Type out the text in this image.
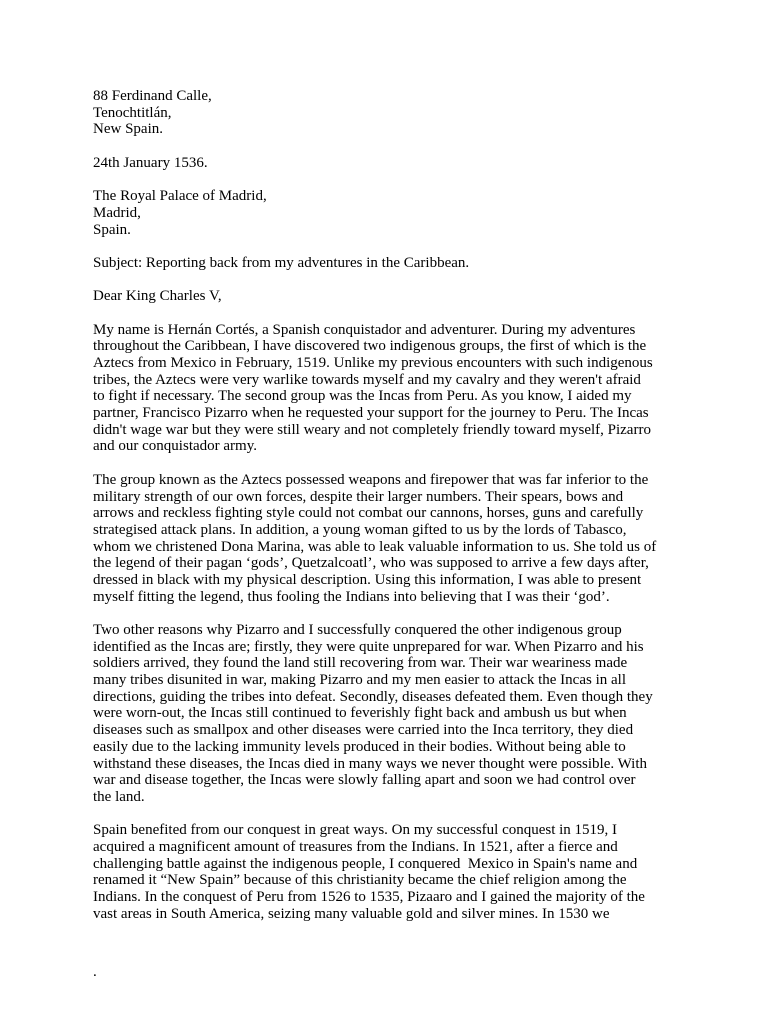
88 Ferdinand Calle,
Tenochtitlán,
New Spain.
24th January 1536.
The Royal Palace of Madrid,
Madrid,
Spain.
Subject: Reporting back from my adventures in the Caribbean.
Dear King Charles V,
My name is Hernán Cortés, a Spanish conquistador and adventurer. During my adventures
throughout the Caribbean, I have discovered two indigenous groups, the first of which is the
Aztecs from Mexico in February, 1519. Unlike my previous encounters with such indigenous
tribes, the Aztecs were very warlike towards myself and my cavalry and they weren't afraid
to fight if necessary. The second group was the Incas from Peru. As you know, I aided my
partner, Francisco Pizarro when he requested your support for the journey to Peru. The Incas
didn't wage war but they were still weary and not completely friendly toward myself, Pizarro
and our conquistador army.
The group known as the Aztecs possessed weapons and firepower that was far inferior to the
military strength of our own forces, despite their larger numbers. Their spears, bows and
arrows and reckless fighting style could not combat our cannons, horses, guns and carefully
strategised attack plans. In addition, a young woman gifted to us by the lords of Tabasco,
whom we christened Dona Marina, was able to leak valuable information to us. She told us of
the legend of their pagan ‘gods’, Quetzalcoatl’, who was supposed to arrive a few days after,
dressed in black with my physical description. Using this information, I was able to present
myself fitting the legend, thus fooling the Indians into believing that I was their ‘god’.
Two other reasons why Pizarro and I successfully conquered the other indigenous group
identified as the Incas are; firstly, they were quite unprepared for war. When Pizarro and his
soldiers arrived, they found the land still recovering from war. Their war weariness made
many tribes disunited in war, making Pizarro and my men easier to attack the Incas in all
directions, guiding the tribes into defeat. Secondly, diseases defeated them. Even though they
were worn-out, the Incas still continued to feverishly fight back and ambush us but when
diseases such as smallpox and other diseases were carried into the Inca territory, they died
easily due to the lacking immunity levels produced in their bodies. Without being able to
withstand these diseases, the Incas died in many ways we never thought were possible. With
war and disease together, the Incas were slowly falling apart and soon we had control over
the land.
Spain benefited from our conquest in great ways. On my successful conquest in 1519, I
acquired a magnificent amount of treasures from the Indians. In 1521, after a fierce and
challenging battle against the indigenous people, I conquered  Mexico in Spain's name and
renamed it “New Spain” because of this christianity became the chief religion among the
Indians. In the conquest of Peru from 1526 to 1535, Pizaaro and I gained the majority of the
vast areas in South America, seizing many valuable gold and silver mines. In 1530 we
.
